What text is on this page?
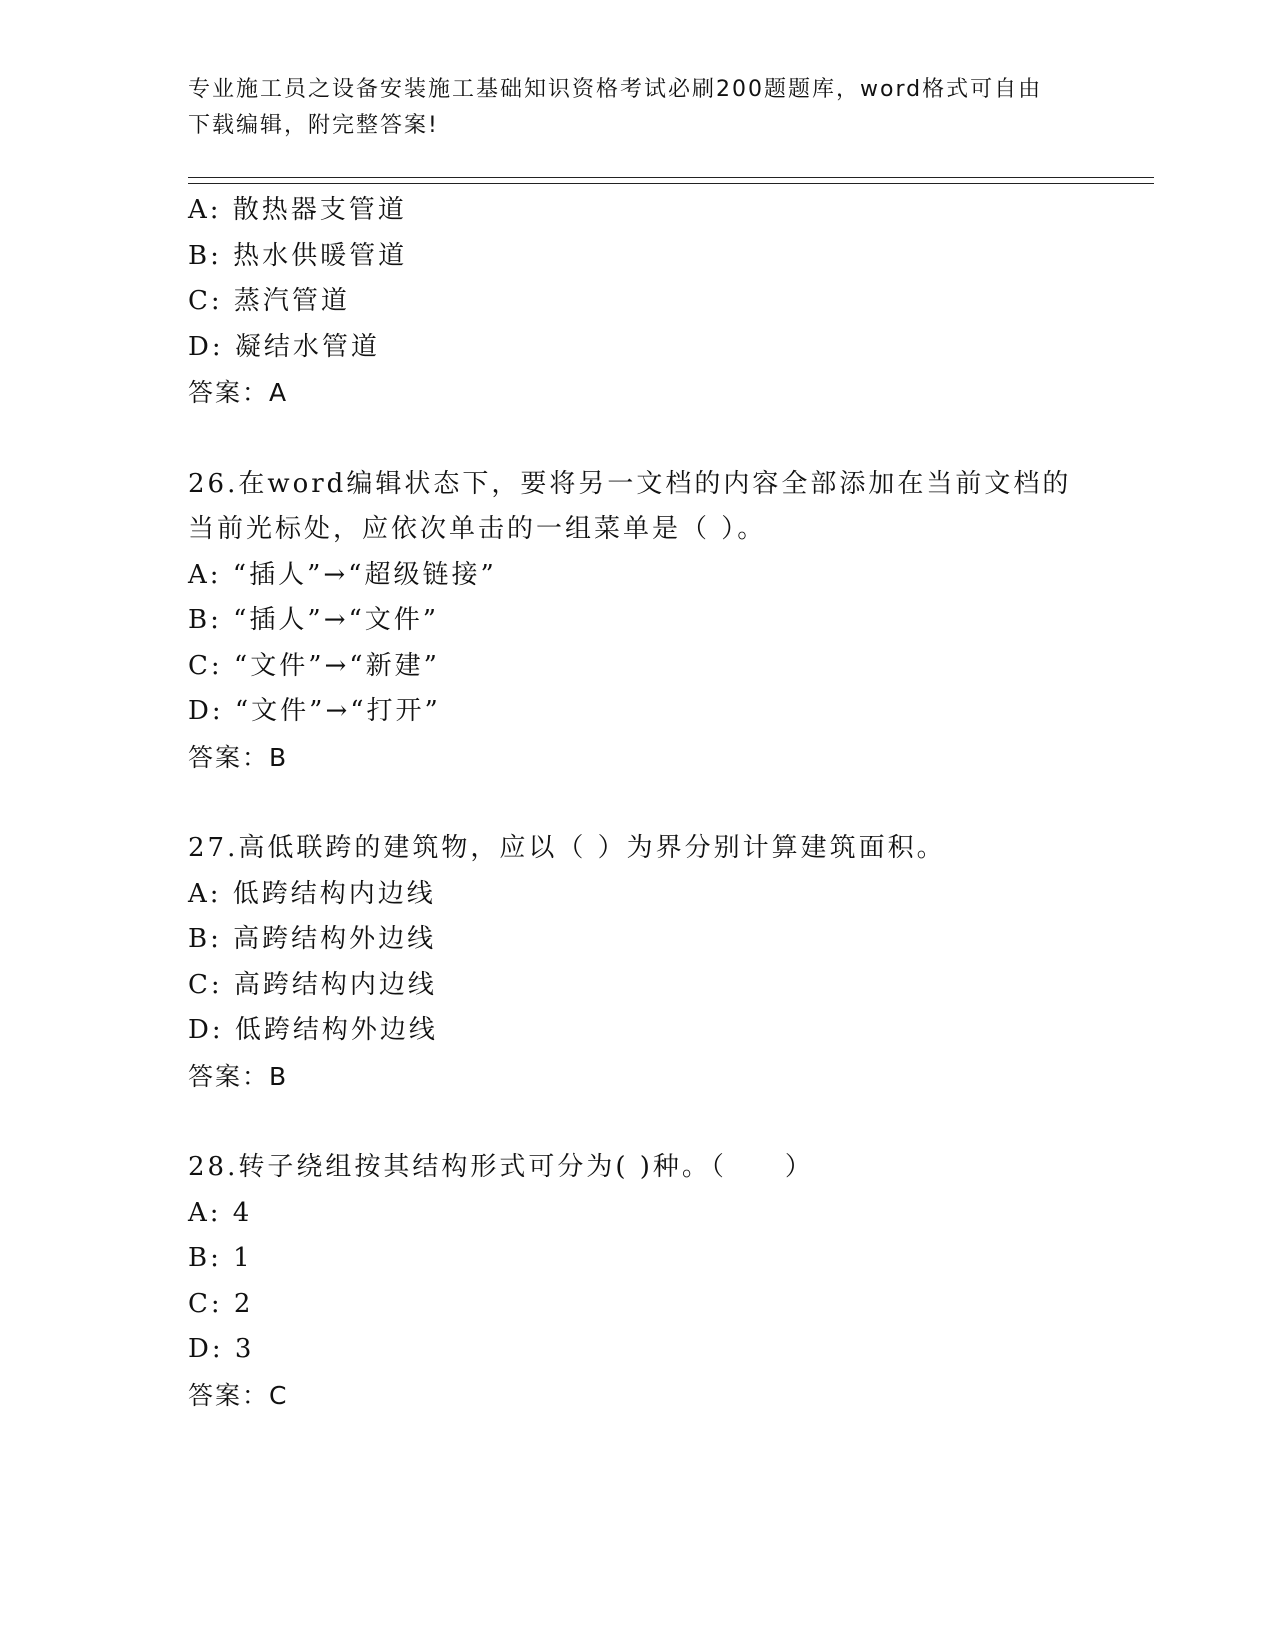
专业施工员之设备安装施工基础知识资格考试必刷200题题库，word格式可自由
下载编辑，附完整答案!
A: 散热器支管道
B: 热水供暖管道
C: 蒸汽管道
D: 凝结水管道
答案：A
26.在word编辑状态下，要将另一文档的内容全部添加在当前文档的
当前光标处，应依次单击的一组菜单是（ ）。
A: “插人”→“超级链接”
B: “插人”→“文件”
C: “文件”→“新建”
D: “文件”→“打开”
答案：B
27.高低联跨的建筑物，应以（ ）为界分别计算建筑面积。
A: 低跨结构内边线
B: 高跨结构外边线
C: 高跨结构内边线
D: 低跨结构外边线
答案：B
28.转子绕组按其结构形式可分为( )种。（　　）
A: 4
B: 1
C: 2
D: 3
答案：C
